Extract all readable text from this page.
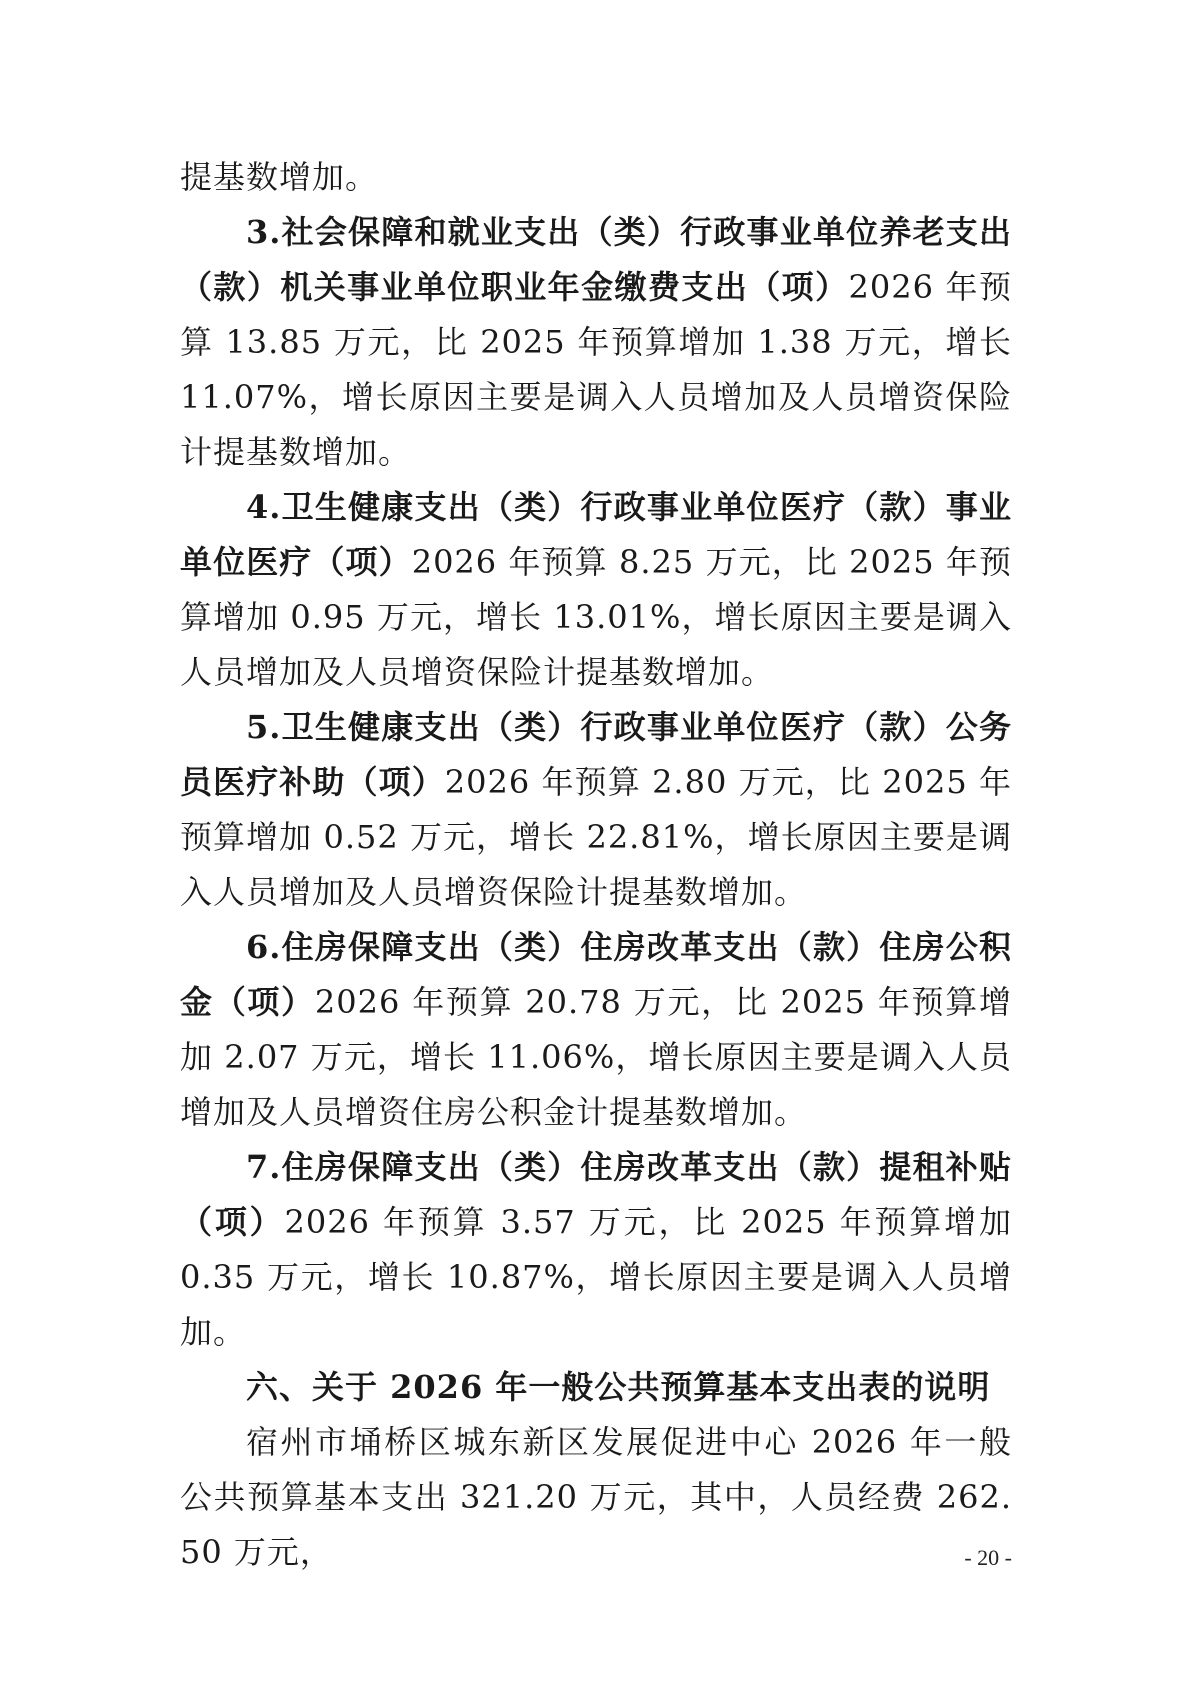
提基数增加。

3.社会保障和就业支出（类）行政事业单位养老支出（款）机关事业单位职业年金缴费支出（项）2026 年预算 13.85 万元，比 2025 年预算增加 1.38 万元，增长 11.07%，增长原因主要是调入人员增加及人员增资保险计提基数增加。

4.卫生健康支出（类）行政事业单位医疗（款）事业单位医疗（项）2026 年预算 8.25 万元，比 2025 年预算增加 0.95 万元，增长 13.01%，增长原因主要是调入人员增加及人员增资保险计提基数增加。

5.卫生健康支出（类）行政事业单位医疗（款）公务员医疗补助（项）2026 年预算 2.80 万元，比 2025 年预算增加 0.52 万元，增长 22.81%，增长原因主要是调入人员增加及人员增资保险计提基数增加。

6.住房保障支出（类）住房改革支出（款）住房公积金（项）2026 年预算 20.78 万元，比 2025 年预算增加 2.07 万元，增长 11.06%，增长原因主要是调入人员增加及人员增资住房公积金计提基数增加。

7.住房保障支出（类）住房改革支出（款）提租补贴（项）2026 年预算 3.57 万元，比 2025 年预算增加 0.35 万元，增长 10.87%，增长原因主要是调入人员增加。

六、关于 2026 年一般公共预算基本支出表的说明

宿州市埇桥区城东新区发展促进中心 2026 年一般公共预算基本支出 321.20 万元，其中，人员经费 262.50 万元，	- 20 -
